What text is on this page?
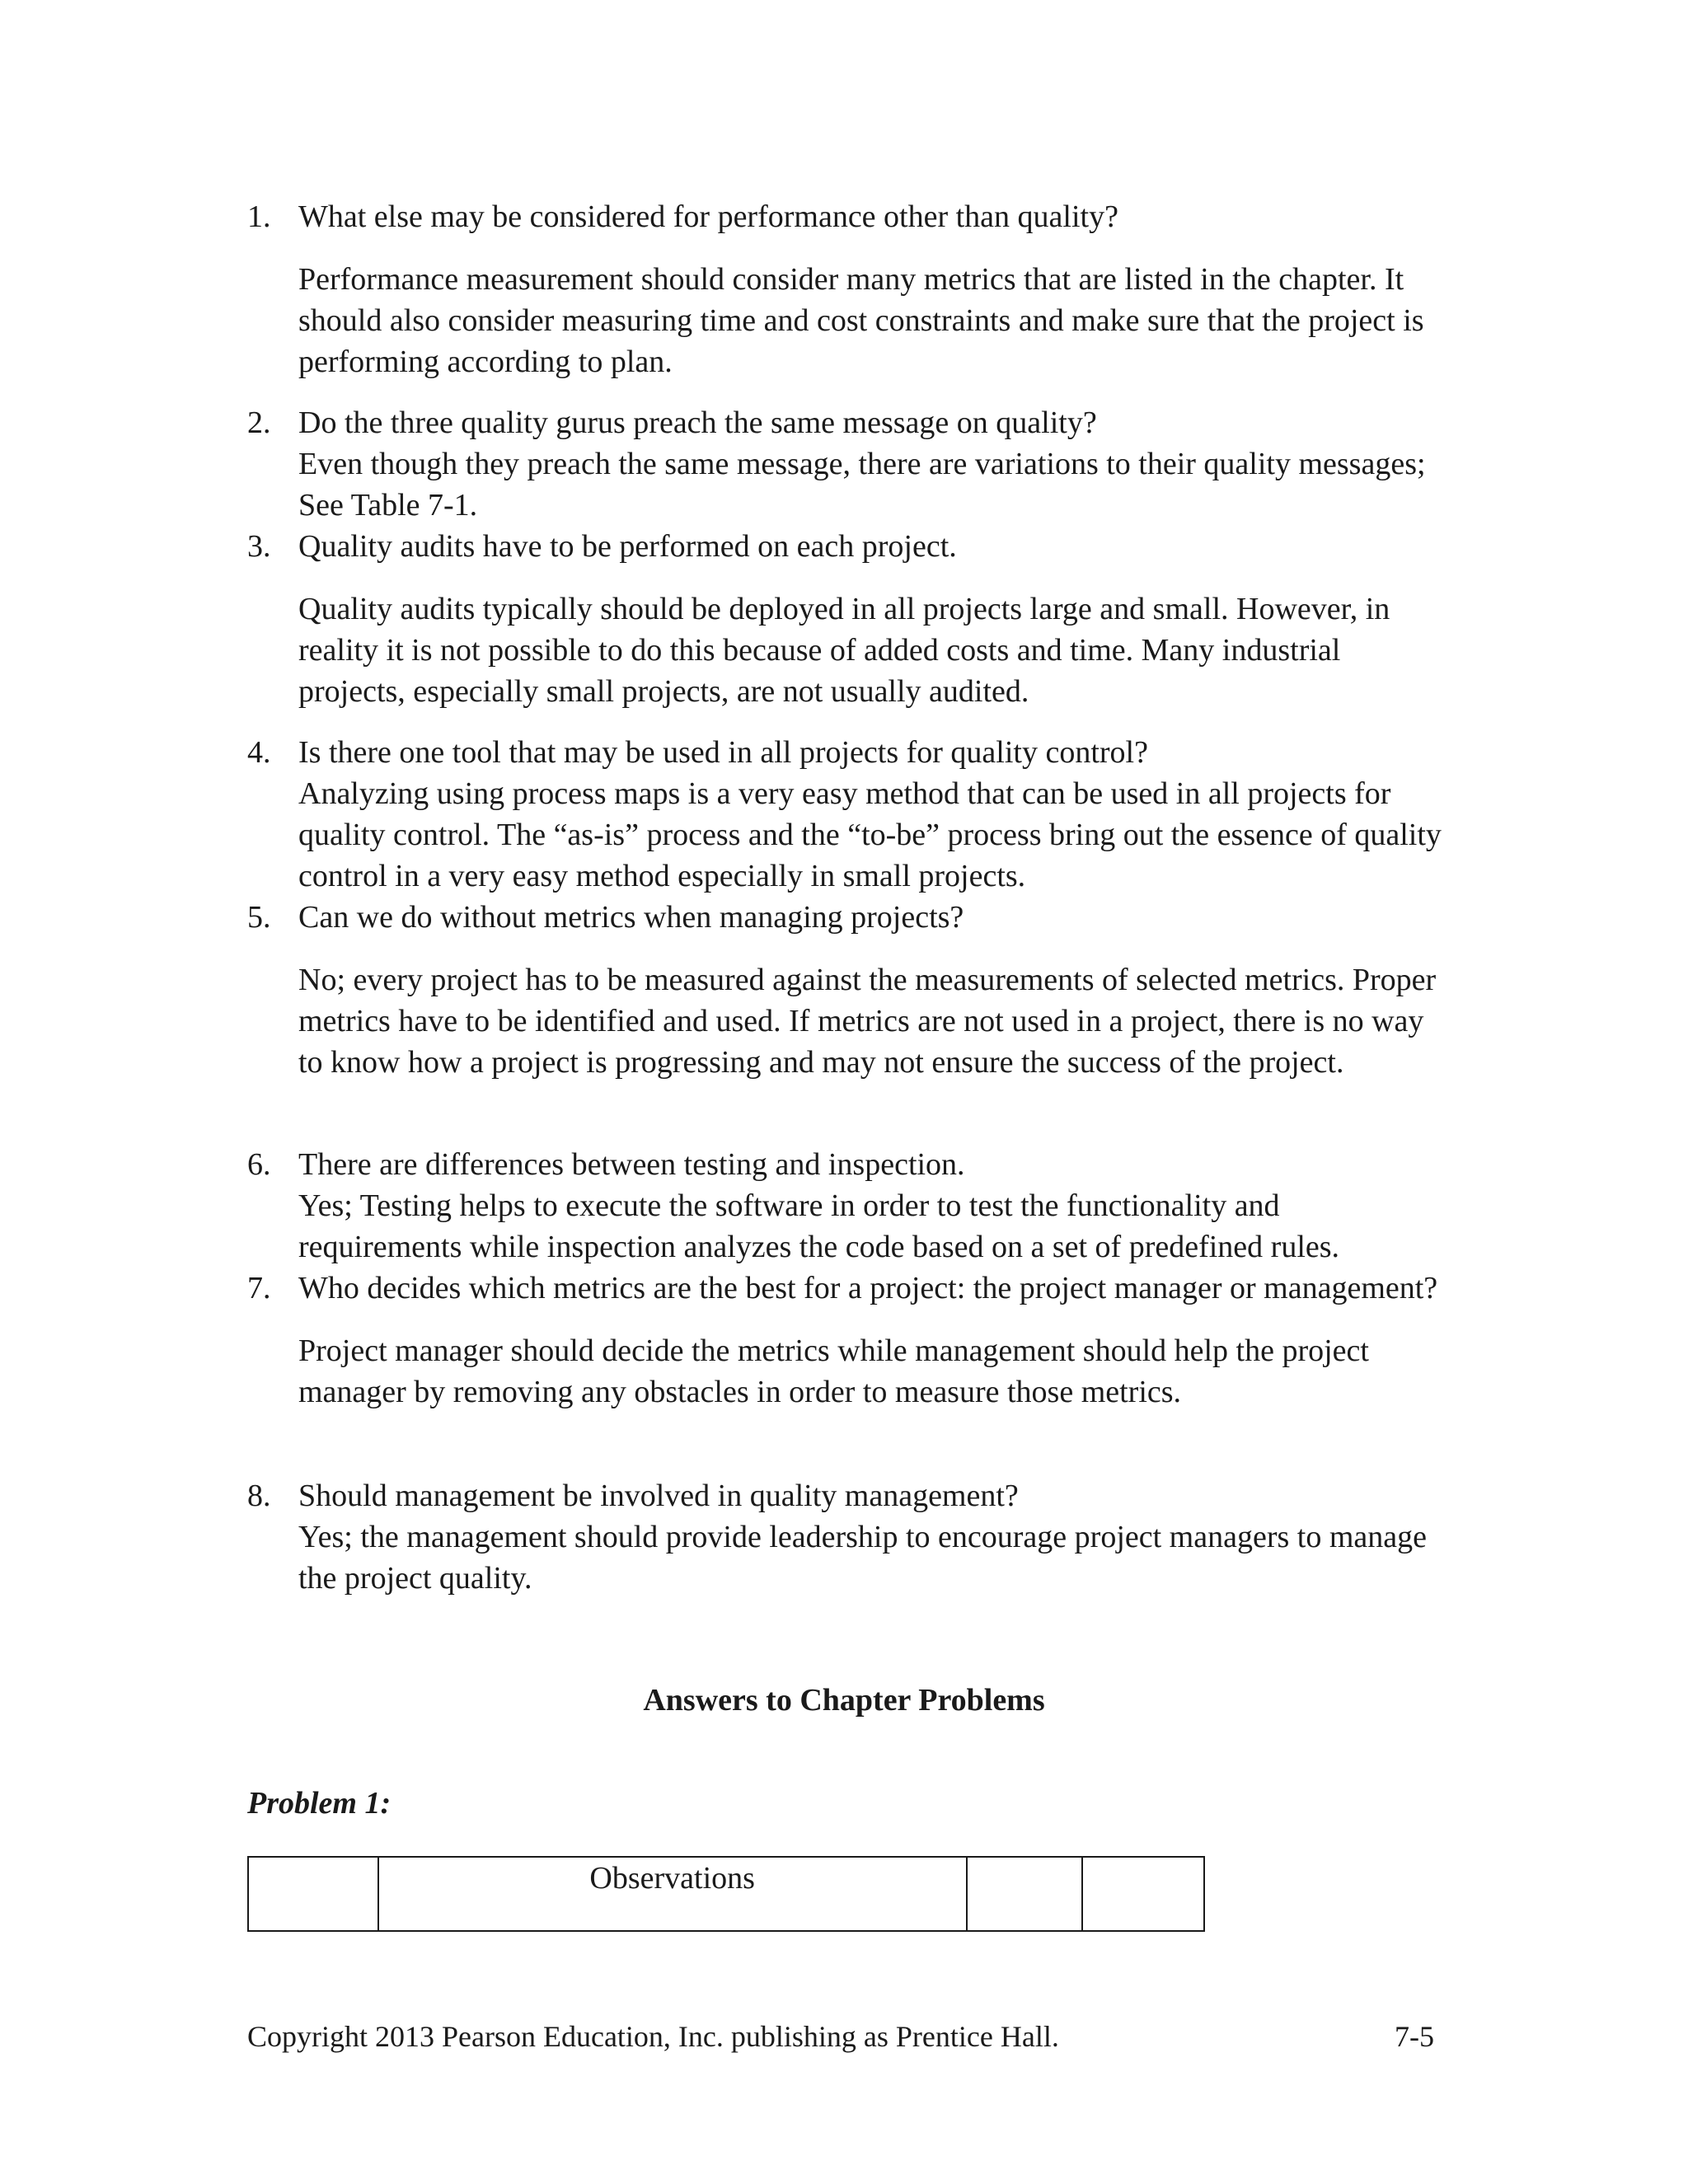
1. What else may be considered for performance other than quality?
Performance measurement should consider many metrics that are listed in the chapter. It should also consider measuring time and cost constraints and make sure that the project is performing according to plan.
2. Do the three quality gurus preach the same message on quality?
Even though they preach the same message, there are variations to their quality messages; See Table 7-1.
3. Quality audits have to be performed on each project.
Quality audits typically should be deployed in all projects large and small. However, in reality it is not possible to do this because of added costs and time. Many industrial projects, especially small projects, are not usually audited.
4. Is there one tool that may be used in all projects for quality control?
Analyzing using process maps is a very easy method that can be used in all projects for quality control. The “as-is” process and the “to-be” process bring out the essence of quality control in a very easy method especially in small projects.
5. Can we do without metrics when managing projects?
No; every project has to be measured against the measurements of selected metrics. Proper metrics have to be identified and used. If metrics are not used in a project, there is no way to know how a project is progressing and may not ensure the success of the project.
6. There are differences between testing and inspection.
Yes; Testing helps to execute the software in order to test the functionality and requirements while inspection analyzes the code based on a set of predefined rules.
7. Who decides which metrics are the best for a project: the project manager or management?
Project manager should decide the metrics while management should help the project manager by removing any obstacles in order to measure those metrics.
8. Should management be involved in quality management?
Yes; the management should provide leadership to encourage project managers to manage the project quality.
Answers to Chapter Problems
Problem 1:
	Observations		
Copyright 2013 Pearson Education, Inc. publishing as Prentice Hall.	7-5
